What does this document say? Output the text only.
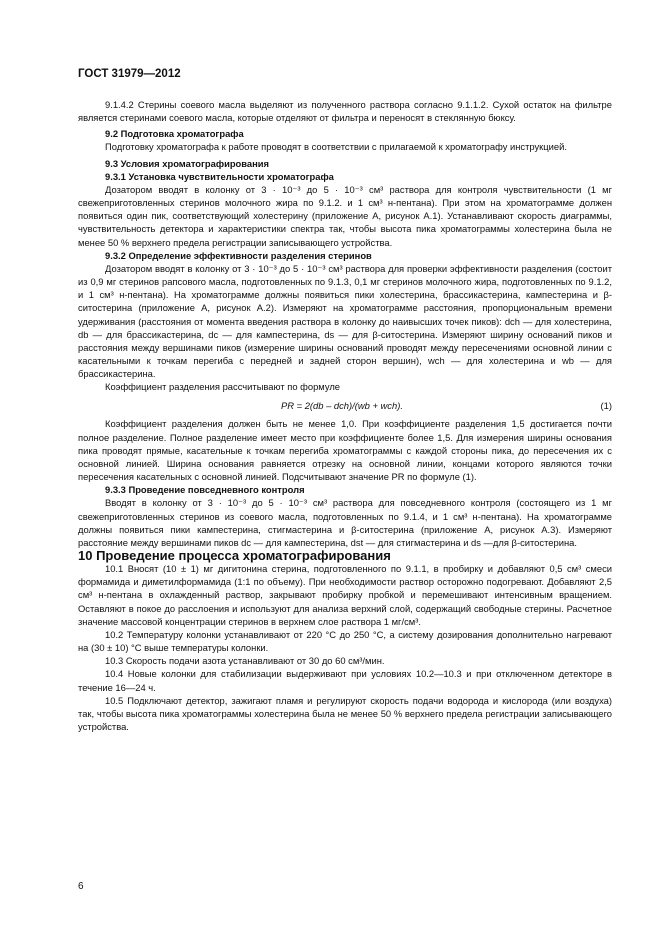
ГОСТ 31979—2012

9.1.4.2 Стерины соевого масла выделяют из полученного раствора согласно 9.1.1.2. Сухой остаток на фильтре является стеринами соевого масла, которые отделяют от фильтра и переносят в стеклянную бюксу.

9.2 Подготовка хроматографа

Подготовку хроматографа к работе проводят в соответствии с прилагаемой к хроматографу инструкцией.

9.3 Условия хроматографирования

9.3.1 Установка чувствительности хроматографа

Дозатором вводят в колонку от 3 · 10⁻³ до 5 · 10⁻³ см³ раствора для контроля чувствительности (1 мг свежеприготовленных стеринов молочного жира по 9.1.2. и 1 см³ н-пентана). При этом на хроматограмме должен появиться один пик, соответствующий холестерину (приложение А, рисунок А.1). Устанавливают скорость диаграммы, чувствительность детектора и характеристики спектра так, чтобы высота пика хроматограммы холестерина была не менее 50 % верхнего предела регистрации записывающего устройства.

9.3.2 Определение эффективности разделения стеринов

Дозатором вводят в колонку от 3 · 10⁻³ до 5 · 10⁻³ см³ раствора для проверки эффективности разделения (состоит из 0,9 мг стеринов рапсового масла, подготовленных по 9.1.3, 0,1 мг стеринов молочного жира, подготовленных по 9.1.2, и 1 см³ н-пентана). На хроматограмме должны появиться пики холестерина, брассикастерина, кампестерина и β-ситостерина (приложение А, рисунок А.2). Измеряют на хроматограмме расстояния, пропорциональным времени удерживания (расстояния от момента введения раствора в колонку до наивысших точек пиков): dch — для холестерина, db — для брассикастерина, dc — для кампестерина, ds — для β-ситостерина. Измеряют ширину оснований пиков и расстояния между вершинами пиков (измерение ширины оснований проводят между пересечениями основной линии с касательными к точкам перегиба с передней и задней сторон вершин), wch — для холестерина и wb — для брассикастерина.

Коэффициент разделения рассчитывают по формуле

PR = 2(db – dch)/(wb + wch).	(1)

Коэффициент разделения должен быть не менее 1,0. При коэффициенте разделения 1,5 достигается почти полное разделение. Полное разделение имеет место при коэффициенте более 1,5. Для измерения ширины основания пика проводят прямые, касательные к точкам перегиба хроматограммы с каждой стороны пика, до пересечения их с основной линией. Ширина основания равняется отрезку на основной линии, концами которого являются точки пересечения касательных с основной линией. Подсчитывают значение PR по формуле (1).

9.3.3 Проведение повседневного контроля

Вводят в колонку от 3 · 10⁻³ до 5 · 10⁻³ см³ раствора для повседневного контроля (состоящего из 1 мг свежеприготовленных стеринов из соевого масла, подготовленных по 9.1.4, и 1 см³ н-пентана). На хроматограмме должны появиться пики кампестерина, стигмастерина и β-ситостерина (приложение А, рисунок А.3). Измеряют расстояние между вершинами пиков dc — для кампестерина, dst — для стигмастерина и ds —для β-ситостерина.

10 Проведение процесса хроматографирования

10.1 Вносят (10 ± 1) мг дигитонина стерина, подготовленного по 9.1.1, в пробирку и добавляют 0,5 см³ смеси формамида и диметилформамида (1:1 по объему). При необходимости раствор осторожно подогревают. Добавляют 2,5 см³ н-пентана в охлажденный раствор, закрывают пробирку пробкой и перемешивают интенсивным вращением. Оставляют в покое до расслоения и используют для анализа верхний слой, содержащий свободные стерины. Расчетное значение массовой концентрации стеринов в верхнем слое раствора 1 мг/см³.

10.2 Температуру колонки устанавливают от 220 °С до 250 °С, а систему дозирования дополнительно нагревают на (30 ± 10) °С выше температуры колонки.

10.3 Скорость подачи азота устанавливают от 30 до 60 см³/мин.

10.4 Новые колонки для стабилизации выдерживают при условиях 10.2—10.3 и при отключенном детекторе в течение 16—24 ч.

10.5 Подключают детектор, зажигают пламя и регулируют скорость подачи водорода и кислорода (или воздуха) так, чтобы высота пика хроматограммы холестерина была не менее 50 % верхнего предела регистрации записывающего устройства.

6
